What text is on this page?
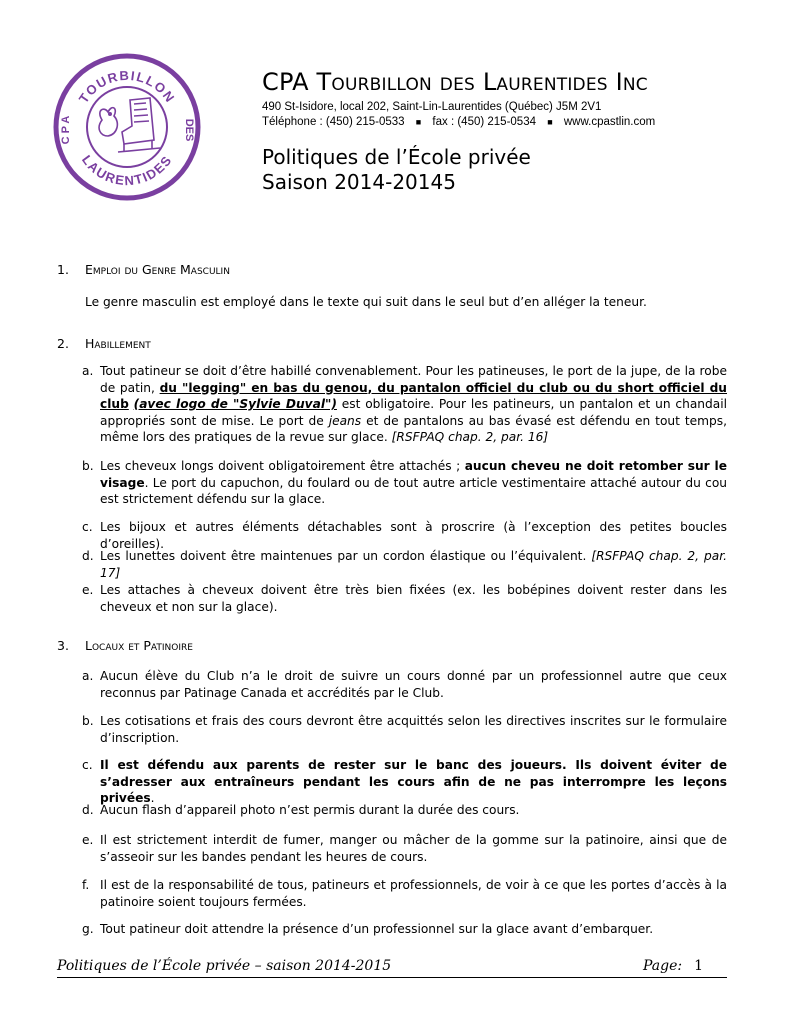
TOURBILLON
LAURENTIDES
C P A	DES

CPA Tourbillon des Laurentides Inc

490 St-Isidore, local 202, Saint-Lin-Laurentides (Québec) J5M 2V1

Téléphone : (450) 215-0533 ■ fax : (450) 215-0534 ■ www.cpastlin.com

Politiques de l’École privée
Saison 2014-20145
1. Emploi du Genre Masculin
Le genre masculin est employé dans le texte qui suit dans le seul but d’en alléger la teneur.
2. Habillement
a. Tout patineur se doit d’être habillé convenablement. Pour les patineuses, le port de la jupe, de la robe de patin, du "legging" en bas du genou, du pantalon officiel du club ou du short officiel du club (avec logo de "Sylvie Duval") est obligatoire. Pour les patineurs, un pantalon et un chandail appropriés sont de mise. Le port de jeans et de pantalons au bas évasé est défendu en tout temps, même lors des pratiques de la revue sur glace. [RSFPAQ chap. 2, par. 16]
b. Les cheveux longs doivent obligatoirement être attachés ; aucun cheveu ne doit retomber sur le visage. Le port du capuchon, du foulard ou de tout autre article vestimentaire attaché autour du cou est strictement défendu sur la glace.
c. Les bijoux et autres éléments détachables sont à proscrire (à l’exception des petites boucles d’oreilles).
d. Les lunettes doivent être maintenues par un cordon élastique ou l’équivalent. [RSFPAQ chap. 2, par. 17]
e. Les attaches à cheveux doivent être très bien fixées (ex. les bobépines doivent rester dans les cheveux et non sur la glace).
3. Locaux et Patinoire
a. Aucun élève du Club n’a le droit de suivre un cours donné par un professionnel autre que ceux reconnus par Patinage Canada et accrédités par le Club.
b. Les cotisations et frais des cours devront être acquittés selon les directives inscrites sur le formulaire d’inscription.
c. Il est défendu aux parents de rester sur le banc des joueurs. Ils doivent éviter de s’adresser aux entraîneurs pendant les cours afin de ne pas interrompre les leçons privées.
d. Aucun flash d’appareil photo n’est permis durant la durée des cours.
e. Il est strictement interdit de fumer, manger ou mâcher de la gomme sur la patinoire, ainsi que de s’asseoir sur les bandes pendant les heures de cours.
f. Il est de la responsabilité de tous, patineurs et professionnels, de voir à ce que les portes d’accès à la patinoire soient toujours fermées.
g. Tout patineur doit attendre la présence d’un professionnel sur la glace avant d’embarquer.
Politiques de l’École privée – saison 2014-2015	Page: 1
